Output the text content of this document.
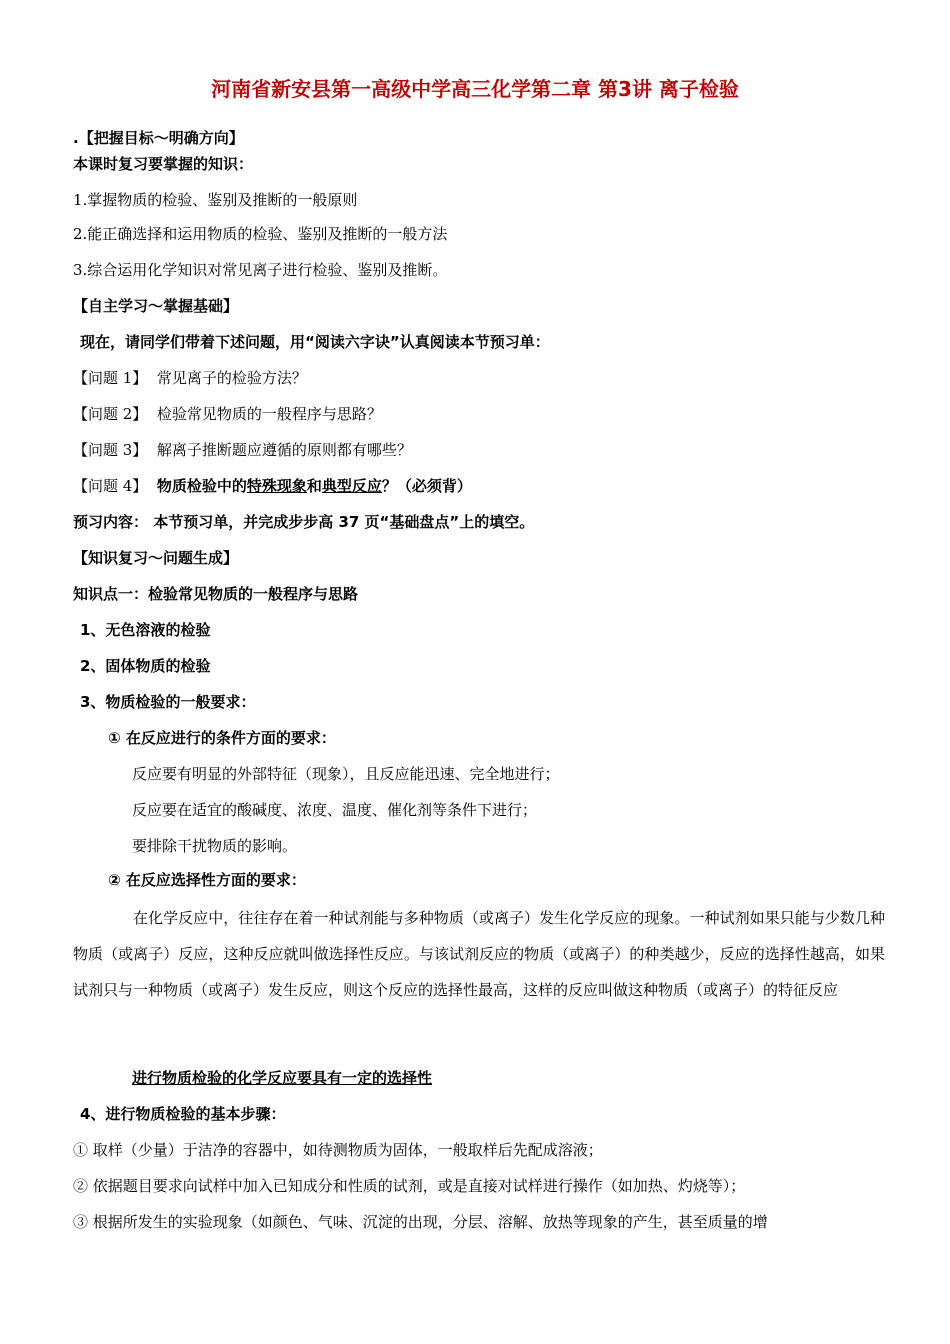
河南省新安县第一高级中学高三化学第二章 第3讲 离子检验
.【把握目标～明确方向】
本课时复习要掌握的知识：
1.掌握物质的检验、鉴别及推断的一般原则
2.能正确选择和运用物质的检验、鉴别及推断的一般方法
3.综合运用化学知识对常见离子进行检验、鉴别及推断。
【自主学习～掌握基础】
现在，请同学们带着下述问题，用“阅读六字诀”认真阅读本节预习单：
【问题 1】 常见离子的检验方法？
【问题 2】 检验常见物质的一般程序与思路？
【问题 3】 解离子推断题应遵循的原则都有哪些？
【问题 4】 物质检验中的特殊现象和典型反应？（必须背）
预习内容： 本节预习单，并完成步步高 37 页“基础盘点”上的填空。
【知识复习～问题生成】
知识点一：检验常见物质的一般程序与思路
1、无色溶液的检验
2、固体物质的检验
3、物质检验的一般要求：
① 在反应进行的条件方面的要求：
反应要有明显的外部特征（现象），且反应能迅速、完全地进行；
反应要在适宜的酸碱度、浓度、温度、催化剂等条件下进行；
要排除干扰物质的影响。
② 在反应选择性方面的要求：
在化学反应中，往往存在着一种试剂能与多种物质（或离子）发生化学反应的现象。一种试剂如果只能与少数几种物质（或离子）反应，这种反应就叫做选择性反应。与该试剂反应的物质（或离子）的种类越少，反应的选择性越高，如果试剂只与一种物质（或离子）发生反应，则这个反应的选择性最高，这样的反应叫做这种物质（或离子）的特征反应
进行物质检验的化学反应要具有一定的选择性
4、进行物质检验的基本步骤：
① 取样（少量）于洁净的容器中，如待测物质为固体，一般取样后先配成溶液；
② 依据题目要求向试样中加入已知成分和性质的试剂，或是直接对试样进行操作（如加热、灼烧等）；
③ 根据所发生的实验现象（如颜色、气味、沉淀的出现，分层、溶解、放热等现象的产生，甚至质量的增
